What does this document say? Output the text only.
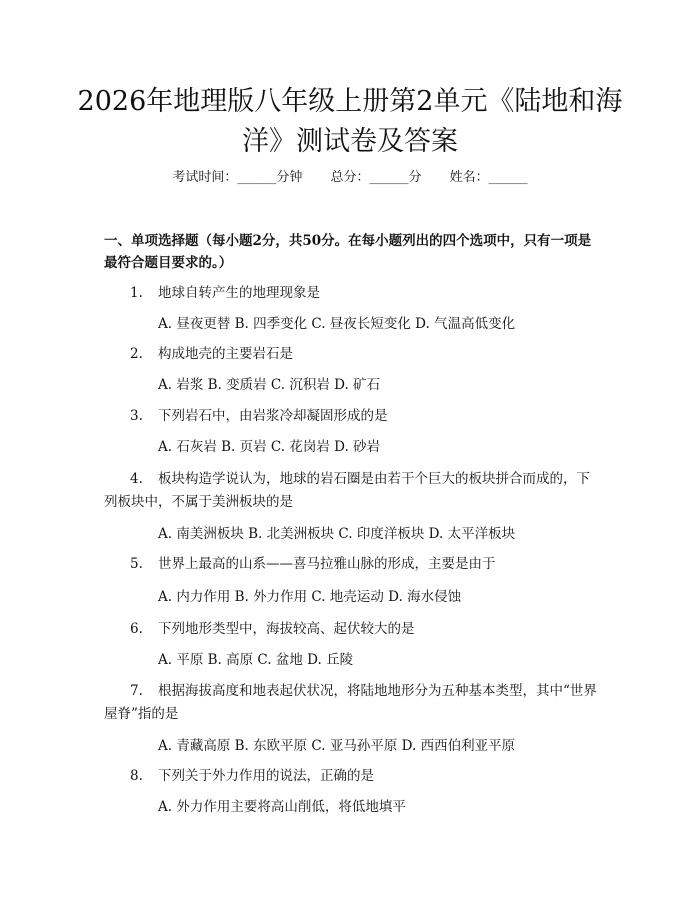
2026年地理版八年级上册第2单元《陆地和海洋》测试卷及答案
考试时间：______分钟 总分：______分 姓名：______
一、单项选择题（每小题2分，共50分。在每小题列出的四个选项中，只有一项是最符合题目要求的。）
1. 地球自转产生的地理现象是
A. 昼夜更替 B. 四季变化 C. 昼夜长短变化 D. 气温高低变化
2. 构成地壳的主要岩石是
A. 岩浆 B. 变质岩 C. 沉积岩 D. 矿石
3. 下列岩石中，由岩浆冷却凝固形成的是
A. 石灰岩 B. 页岩 C. 花岗岩 D. 砂岩
4. 板块构造学说认为，地球的岩石圈是由若干个巨大的板块拼合而成的，下列板块中，不属于美洲板块的是
A. 南美洲板块 B. 北美洲板块 C. 印度洋板块 D. 太平洋板块
5. 世界上最高的山系——喜马拉雅山脉的形成，主要是由于
A. 内力作用 B. 外力作用 C. 地壳运动 D. 海水侵蚀
6. 下列地形类型中，海拔较高、起伏较大的是
A. 平原 B. 高原 C. 盆地 D. 丘陵
7. 根据海拔高度和地表起伏状况，将陆地地形分为五种基本类型，其中“世界屋脊”指的是
A. 青藏高原 B. 东欧平原 C. 亚马孙平原 D. 西西伯利亚平原
8. 下列关于外力作用的说法，正确的是
A. 外力作用主要将高山削低，将低地填平
